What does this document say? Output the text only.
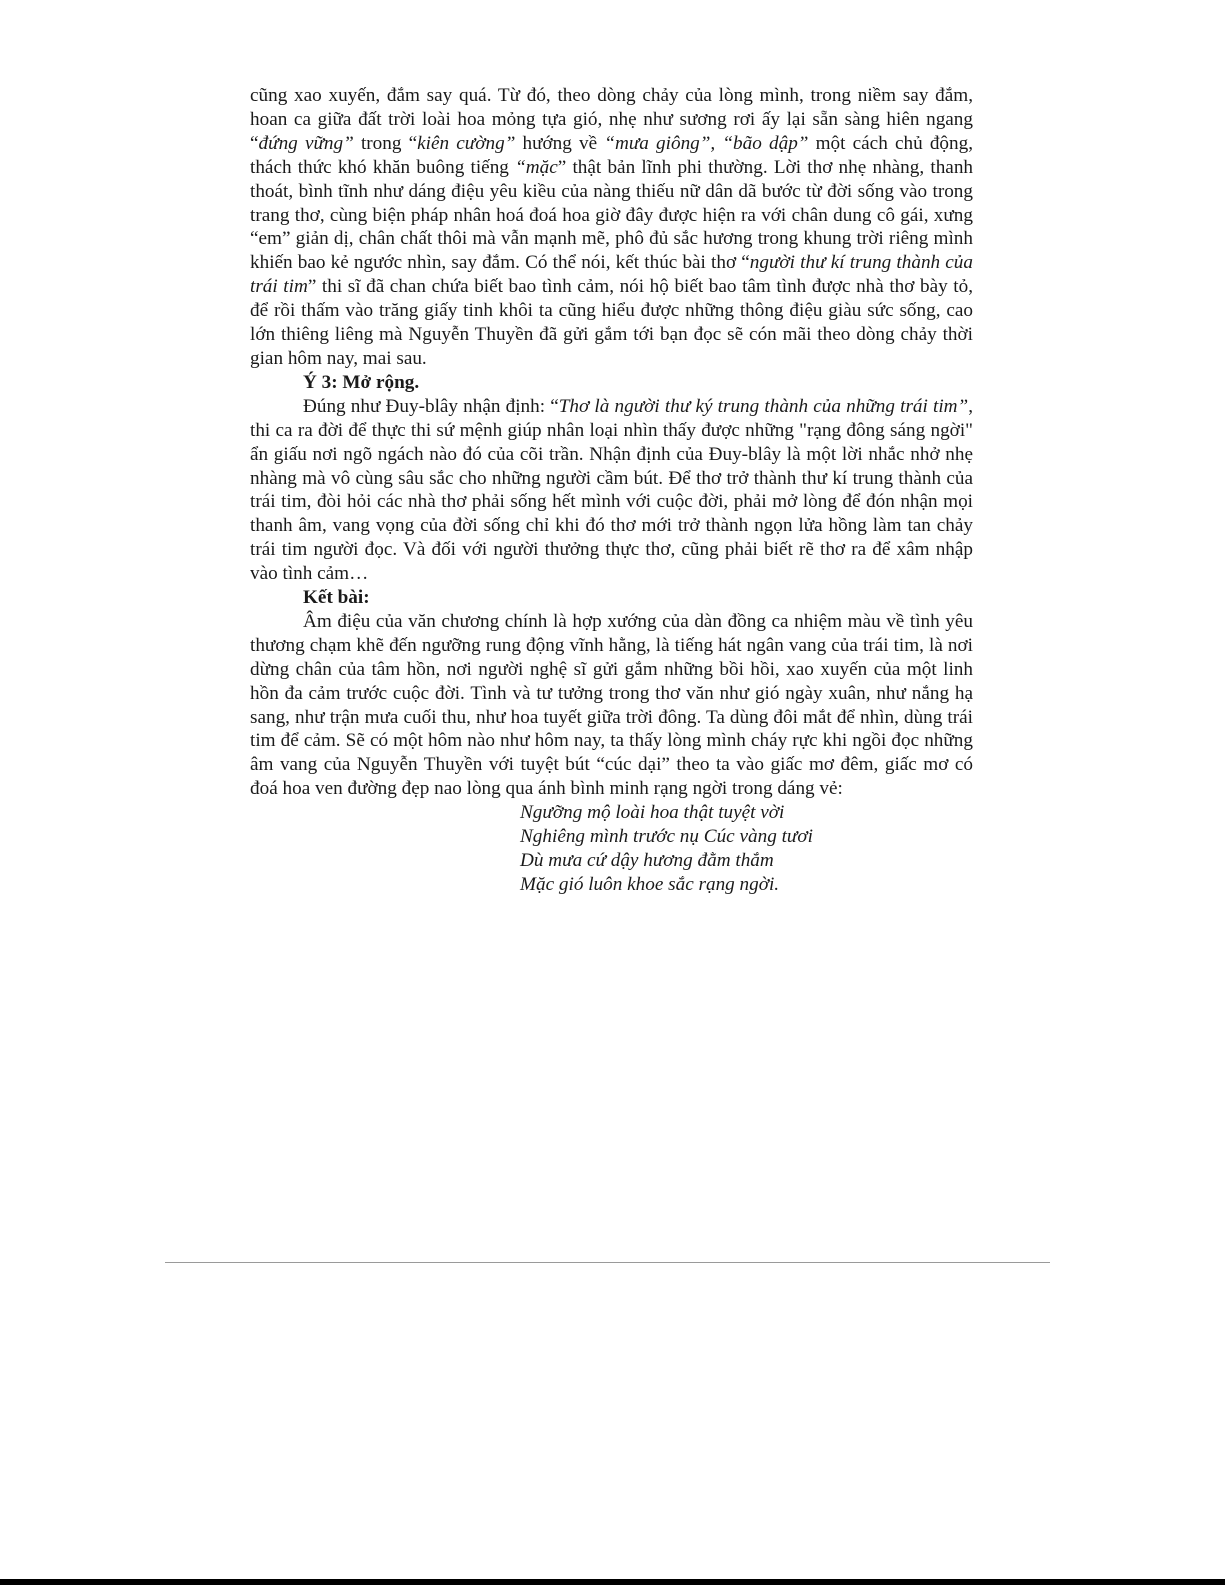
cũng xao xuyến, đắm say quá. Từ đó, theo dòng chảy của lòng mình, trong niềm say đắm, hoan ca giữa đất trời loài hoa mỏng tựa gió, nhẹ như sương rơi ấy lại sẵn sàng hiên ngang “đứng vững” trong “kiên cường” hướng về “mưa giông”, “bão dập” một cách chủ động, thách thức khó khăn buông tiếng “mặc” thật bản lĩnh phi thường. Lời thơ nhẹ nhàng, thanh thoát, bình tĩnh như dáng điệu yêu kiều của nàng thiếu nữ dân dã bước từ đời sống vào trong trang thơ, cùng biện pháp nhân hoá đoá hoa giờ đây được hiện ra với chân dung cô gái, xưng “em” giản dị, chân chất thôi mà vẫn mạnh mẽ, phô đủ sắc hương trong khung trời riêng mình khiến bao kẻ ngước nhìn, say đắm. Có thể nói, kết thúc bài thơ “người thư kí trung thành của trái tim” thi sĩ đã chan chứa biết bao tình cảm, nói hộ biết bao tâm tình được nhà thơ bày tỏ, để rồi thấm vào trăng giấy tinh khôi ta cũng hiểu được những thông điệu giàu sức sống, cao lớn thiêng liêng mà Nguyễn Thuyền đã gửi gắm tới bạn đọc sẽ cón mãi theo dòng chảy thời gian hôm nay, mai sau.

Ý 3: Mở rộng.

Đúng như Đuy-blây nhận định: “Thơ là người thư ký trung thành của những trái tim”, thi ca ra đời để thực thi sứ mệnh giúp nhân loại nhìn thấy được những "rạng đông sáng ngời" ẩn giấu nơi ngõ ngách nào đó của cõi trần. Nhận định của Đuy-blây là một lời nhắc nhở nhẹ nhàng mà vô cùng sâu sắc cho những người cầm bút. Để thơ trở thành thư kí trung thành của trái tim, đòi hỏi các nhà thơ phải sống hết mình với cuộc đời, phải mở lòng để đón nhận mọi thanh âm, vang vọng của đời sống chỉ khi đó thơ mới trở thành ngọn lửa hồng làm tan chảy trái tim người đọc. Và đối với người thưởng thực thơ, cũng phải biết rẽ thơ ra để xâm nhập vào tình cảm…

Kết bài:

Âm điệu của văn chương chính là hợp xướng của dàn đồng ca nhiệm màu về tình yêu thương chạm khẽ đến ngưỡng rung động vĩnh hằng, là tiếng hát ngân vang của trái tim, là nơi dừng chân của tâm hồn, nơi người nghệ sĩ gửi gắm những bồi hồi, xao xuyến của một linh hồn đa cảm trước cuộc đời. Tình và tư tưởng trong thơ văn như gió ngày xuân, như nắng hạ sang, như trận mưa cuối thu, như hoa tuyết giữa trời đông. Ta dùng đôi mắt để nhìn, dùng trái tim để cảm. Sẽ có một hôm nào như hôm nay, ta thấy lòng mình cháy rực khi ngồi đọc những âm vang của Nguyễn Thuyền với tuyệt bút “cúc dại” theo ta vào giấc mơ đêm, giấc mơ có đoá hoa ven đường đẹp nao lòng qua ánh bình minh rạng ngời trong dáng vẻ:

Ngưỡng mộ loài hoa thật tuyệt vời
Nghiêng mình trước nụ Cúc vàng tươi
Dù mưa cứ dậy hương đằm thắm
Mặc gió luôn khoe sắc rạng ngời.
